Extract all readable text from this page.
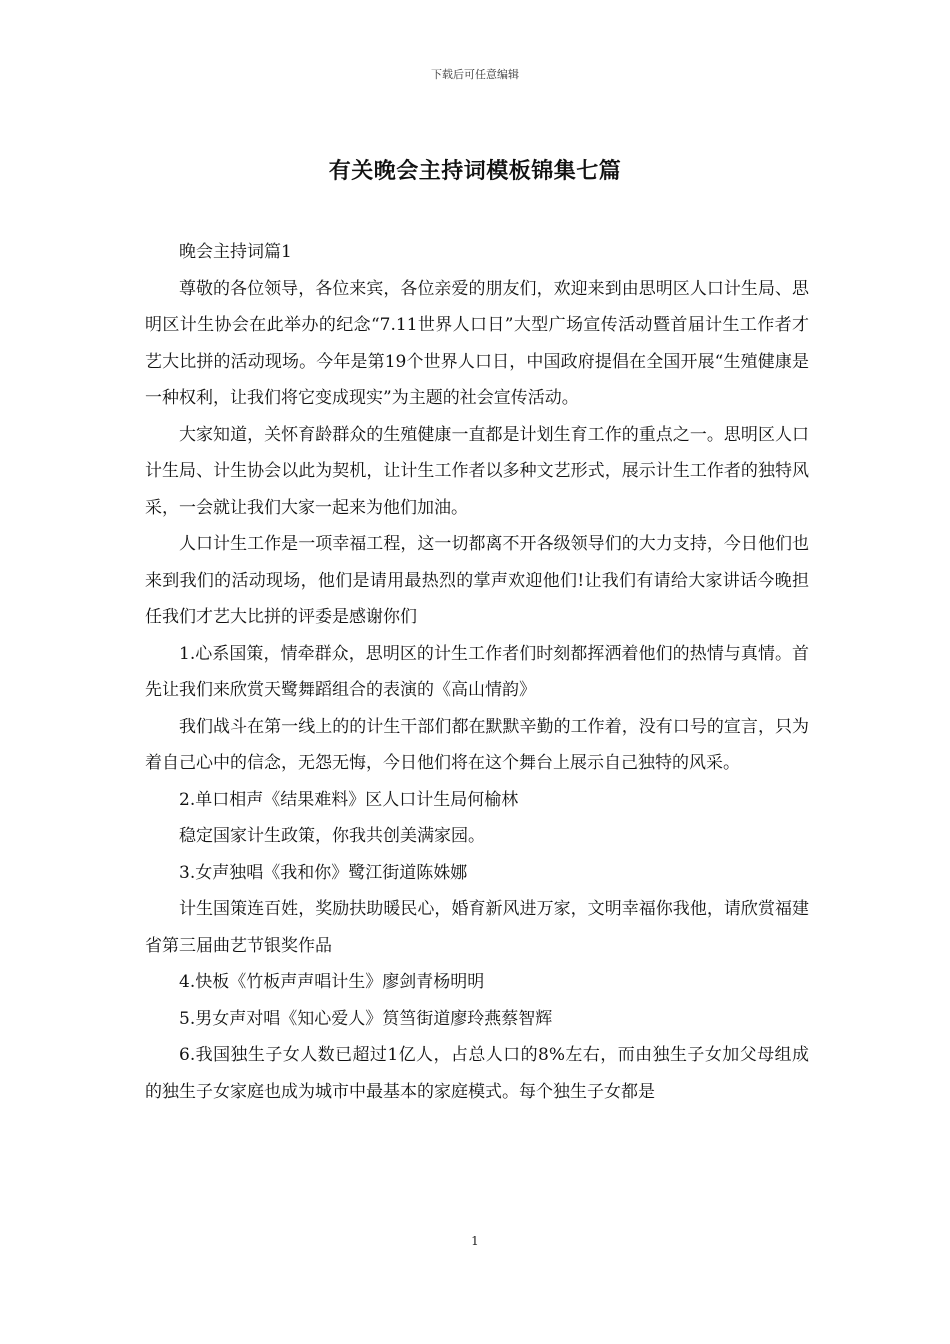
下载后可任意编辑
有关晚会主持词模板锦集七篇

晚会主持词篇1

尊敬的各位领导，各位来宾，各位亲爱的朋友们，欢迎来到由思明区人口计生局、思明区计生协会在此举办的纪念“7.11世界人口日”大型广场宣传活动暨首届计生工作者才艺大比拼的活动现场。今年是第19个世界人口日，中国政府提倡在全国开展“生殖健康是一种权利，让我们将它变成现实”为主题的社会宣传活动。

大家知道，关怀育龄群众的生殖健康一直都是计划生育工作的重点之一。思明区人口计生局、计生协会以此为契机，让计生工作者以多种文艺形式，展示计生工作者的独特风采，一会就让我们大家一起来为他们加油。

人口计生工作是一项幸福工程，这一切都离不开各级领导们的大力支持，今日他们也来到我们的活动现场，他们是请用最热烈的掌声欢迎他们!让我们有请给大家讲话今晚担任我们才艺大比拼的评委是感谢你们

1.心系国策，情牵群众，思明区的计生工作者们时刻都挥洒着他们的热情与真情。首先让我们来欣赏天鹭舞蹈组合的表演的《高山情韵》

我们战斗在第一线上的的计生干部们都在默默辛勤的工作着，没有口号的宣言，只为着自己心中的信念，无怨无悔，今日他们将在这个舞台上展示自己独特的风采。

2.单口相声《结果难料》区人口计生局何榆林

稳定国家计生政策，你我共创美满家园。

3.女声独唱《我和你》鹭江街道陈姝娜

计生国策连百姓，奖励扶助暖民心，婚育新风进万家，文明幸福你我他，请欣赏福建省第三届曲艺节银奖作品

4.快板《竹板声声唱计生》廖剑青杨明明

5.男女声对唱《知心爱人》筼筜街道廖玲燕蔡智辉

6.我国独生子女人数已超过1亿人，占总人口的8%左右，而由独生子女加父母组成的独生子女家庭也成为城市中最基本的家庭模式。每个独生子女都是

1
